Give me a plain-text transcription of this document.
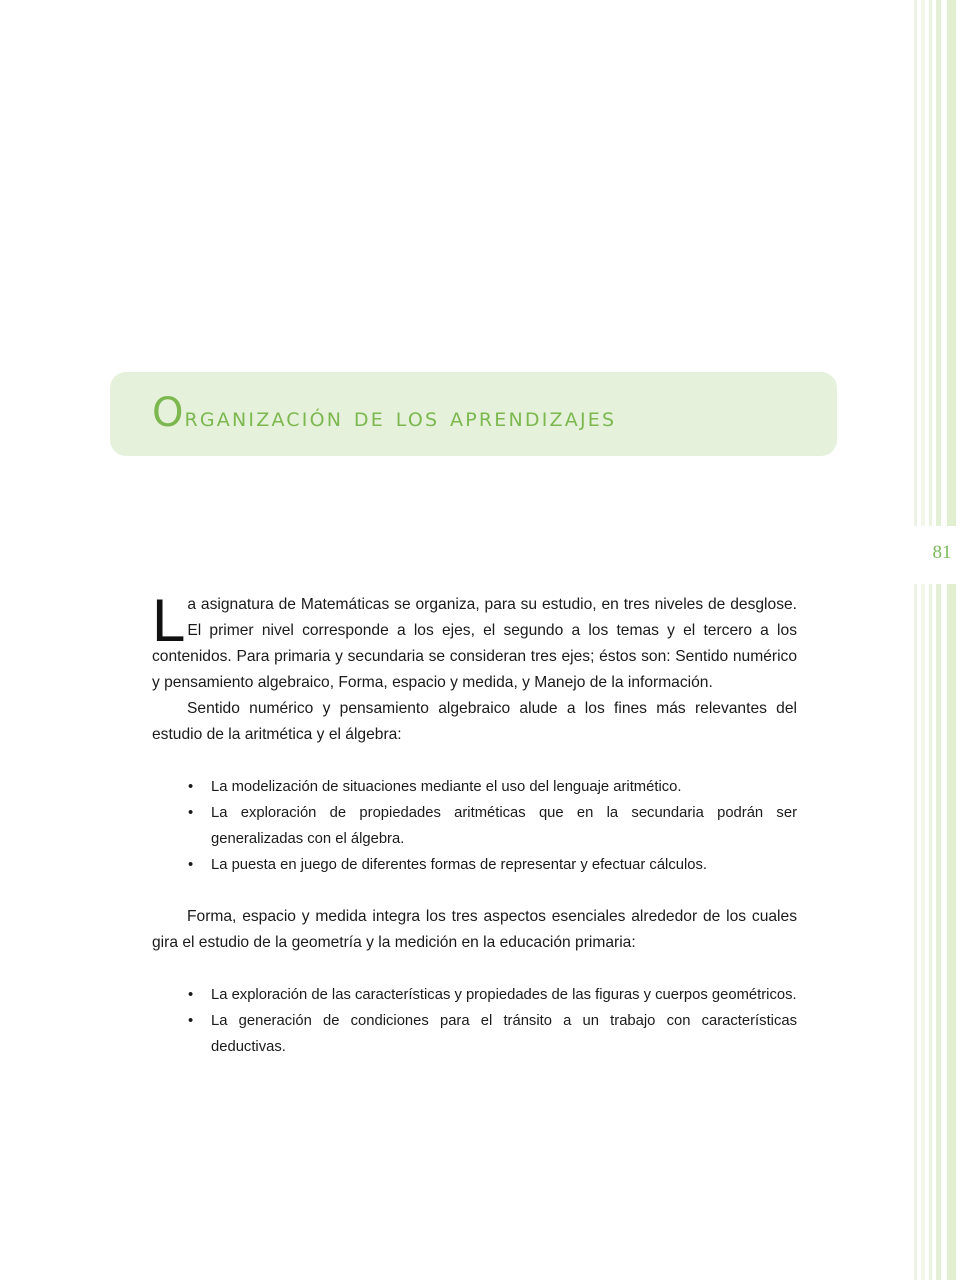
81
Organización de los aprendizajes

La asignatura de Matemáticas se organiza, para su estudio, en tres niveles de desglose. El primer nivel corresponde a los ejes, el segundo a los temas y el tercero a los contenidos. Para primaria y secundaria se consideran tres ejes; éstos son: Sentido numérico y pensamiento algebraico, Forma, espacio y medida, y Manejo de la información.

Sentido numérico y pensamiento algebraico alude a los fines más relevantes del estudio de la aritmética y el álgebra:

• La modelización de situaciones mediante el uso del lenguaje aritmético.
• La exploración de propiedades aritméticas que en la secundaria podrán ser generalizadas con el álgebra.
• La puesta en juego de diferentes formas de representar y efectuar cálculos.

Forma, espacio y medida integra los tres aspectos esenciales alrededor de los cuales gira el estudio de la geometría y la medición en la educación primaria:

• La exploración de las características y propiedades de las figuras y cuerpos geométricos.
• La generación de condiciones para el tránsito a un trabajo con características deductivas.
